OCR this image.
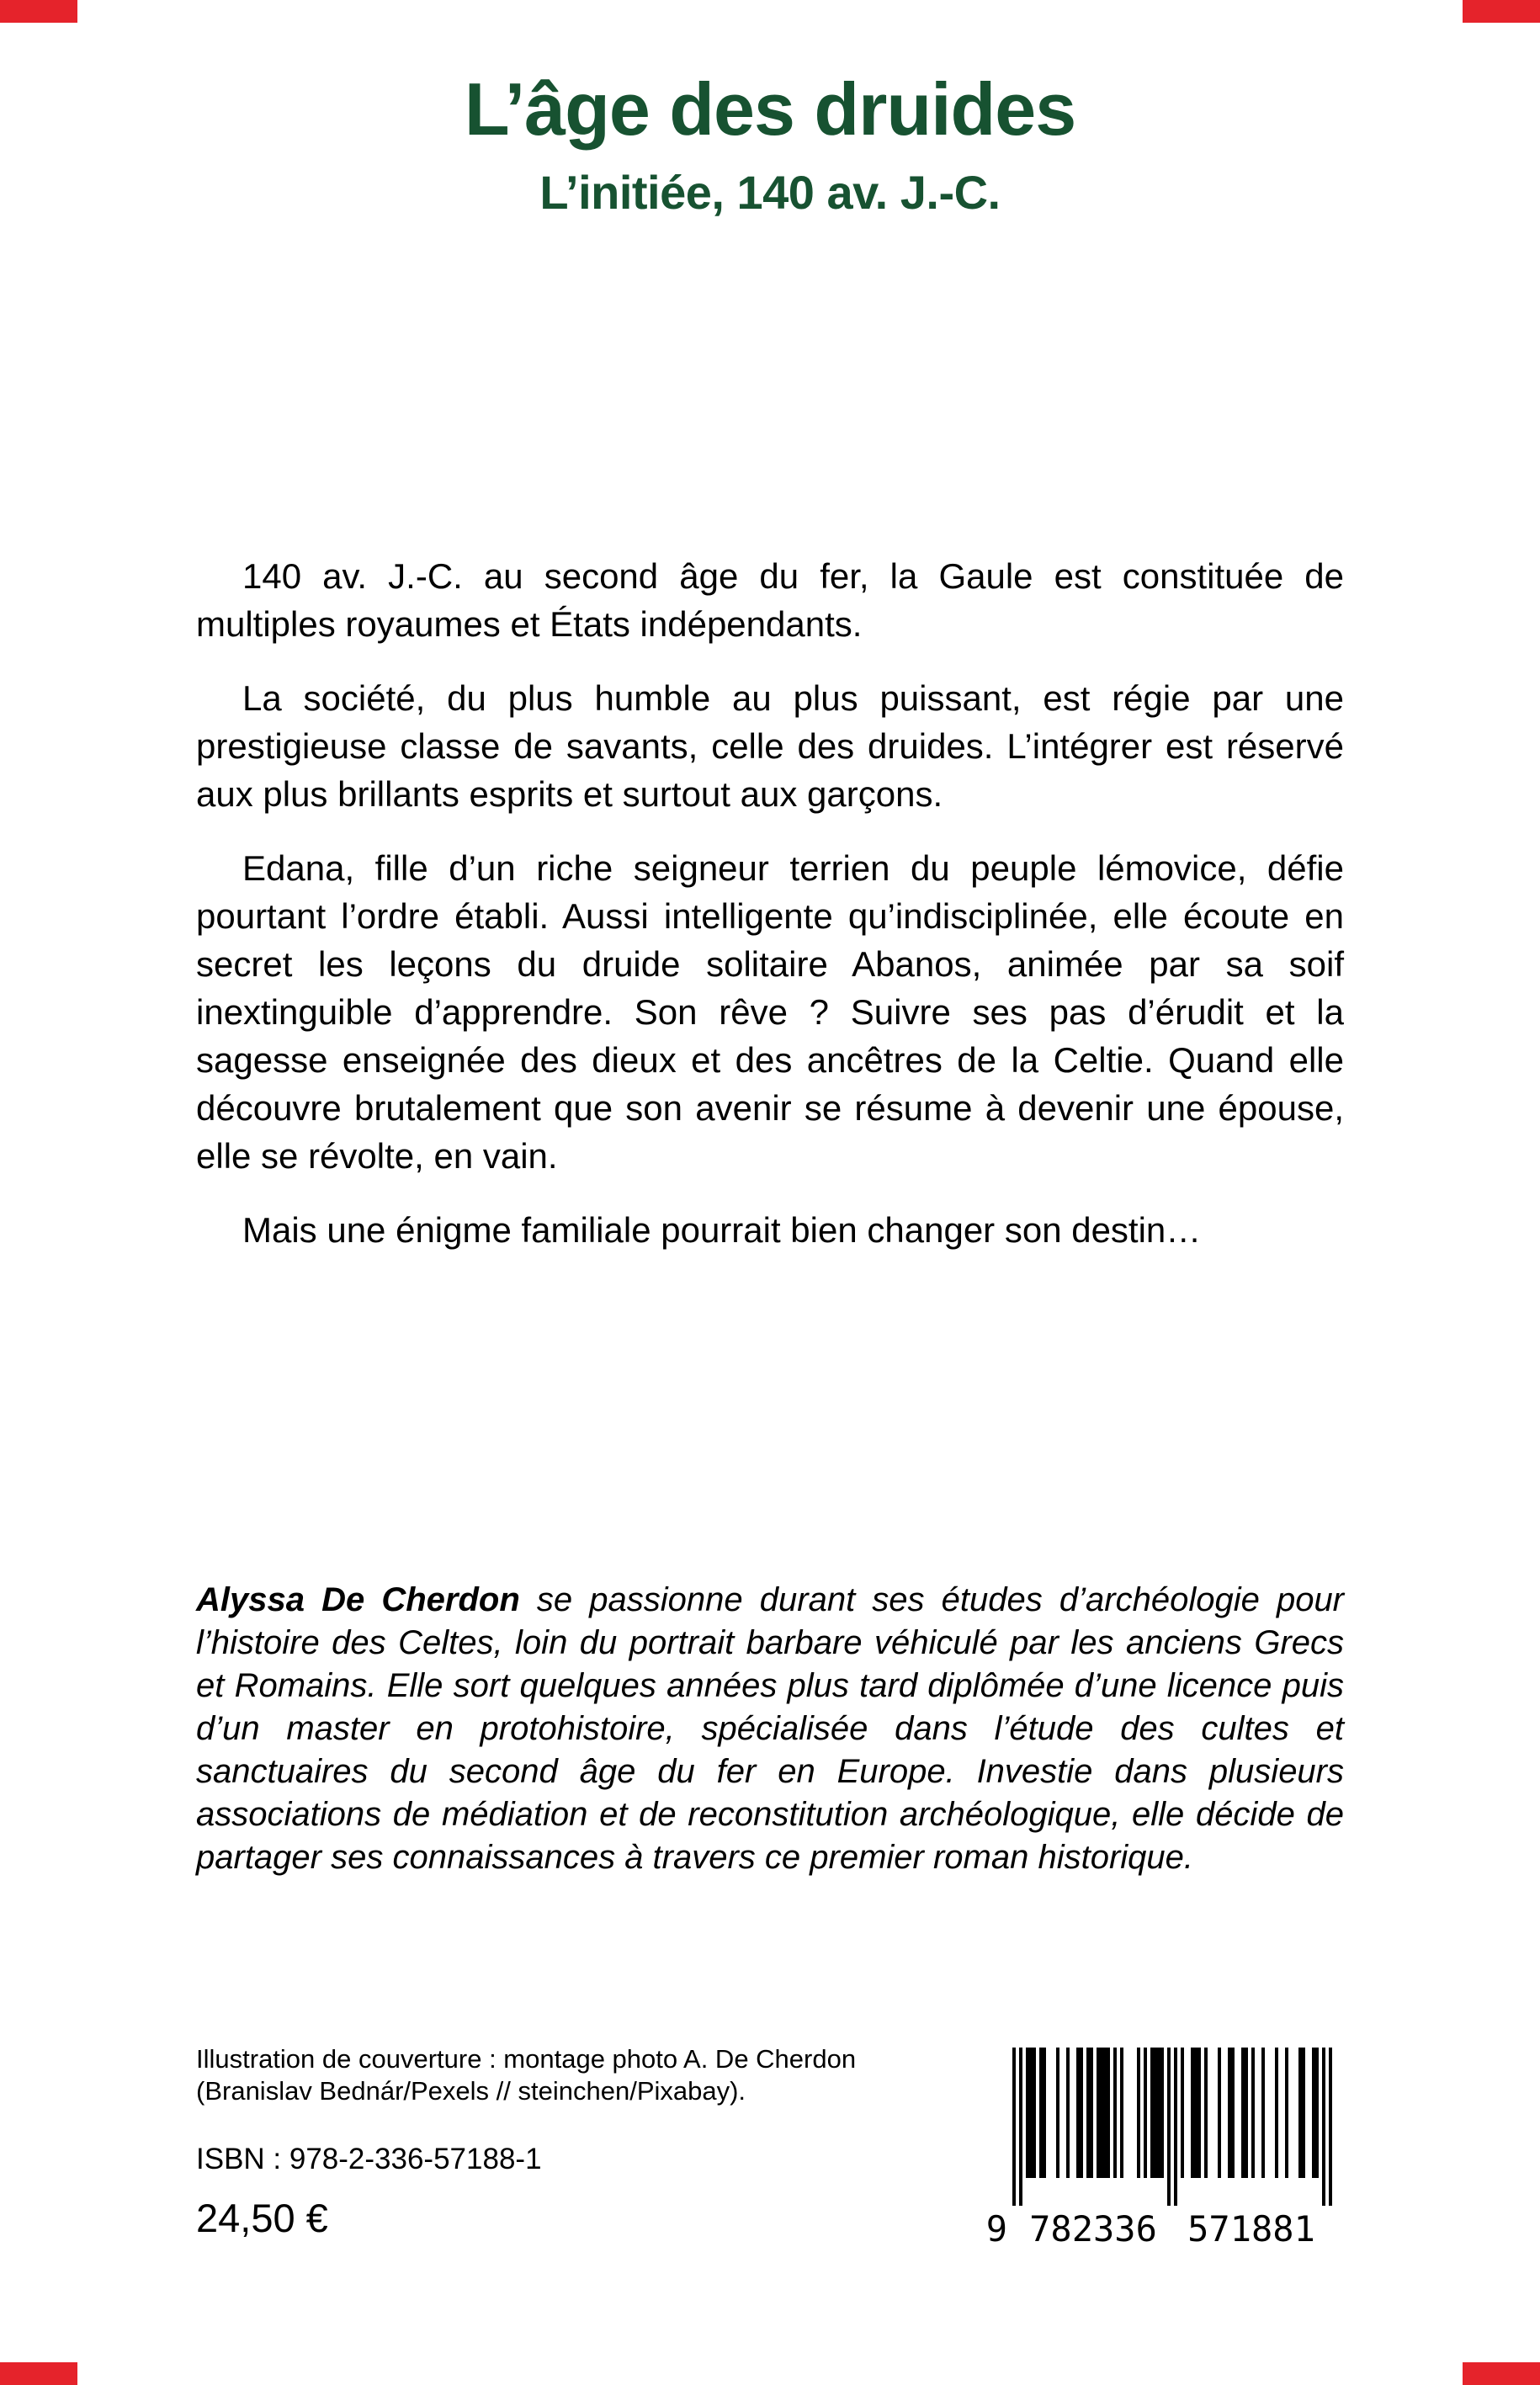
L’âge des druides
L’initiée, 140 av. J.-C.

140 av. J.-C. au second âge du fer, la Gaule est constituée de multiples royaumes et États indépendants.

La société, du plus humble au plus puissant, est régie par une prestigieuse classe de savants, celle des druides. L’intégrer est réservé aux plus brillants esprits et surtout aux garçons.

Edana, fille d’un riche seigneur terrien du peuple lémovice, défie pourtant l’ordre établi. Aussi intelligente qu’indisciplinée, elle écoute en secret les leçons du druide solitaire Abanos, animée par sa soif inextinguible d’apprendre. Son rêve ? Suivre ses pas d’érudit et la sagesse enseignée des dieux et des ancêtres de la Celtie. Quand elle découvre brutalement que son avenir se résume à devenir une épouse, elle se révolte, en vain.

Mais une énigme familiale pourrait bien changer son destin…

Alyssa De Cherdon se passionne durant ses études d’archéologie pour l’histoire des Celtes, loin du portrait barbare véhiculé par les anciens Grecs et Romains. Elle sort quelques années plus tard diplômée d’une licence puis d’un master en protohistoire, spécialisée dans l’étude des cultes et sanctuaires du second âge du fer en Europe. Investie dans plusieurs associations de médiation et de reconstitution archéologique, elle décide de partager ses connaissances à travers ce premier roman historique.
Illustration de couverture : montage photo A. De Cherdon
(Branislav Bednár/Pexels // steinchen/Pixabay).
ISBN : 978-2-336-57188-1
24,50 €	9 782336 571881
